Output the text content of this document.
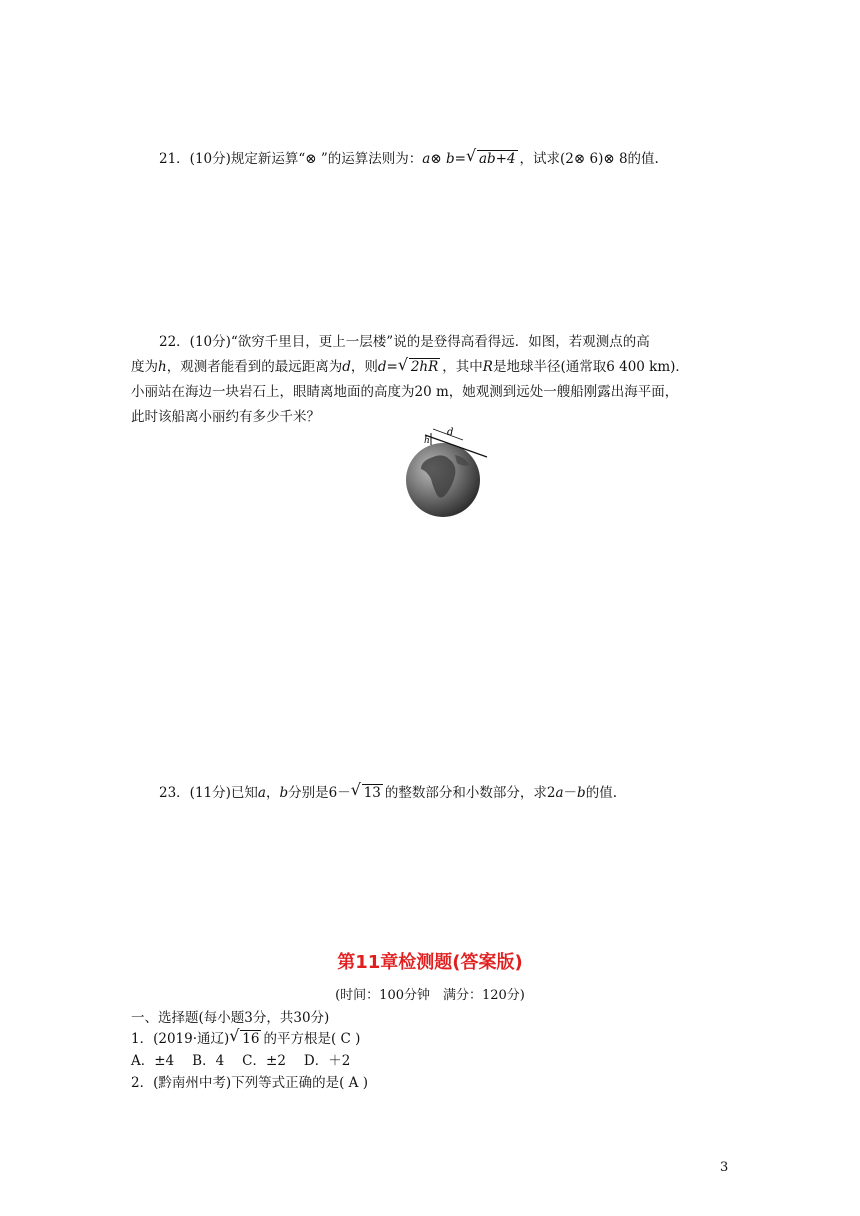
21．(10分)规定新运算“⊗ ”的运算法则为：a⊗ b= √ ab+4 ，试求(2⊗ 6)⊗ 8的值.
22．(10分)“欲穷千里目，更上一层楼”说的是登得高看得远．如图，若观测点的高
度为h，观测者能看到的最远距离为d，则d= √ 2hR ，其中R是地球半径(通常取6 400 km)．
小丽站在海边一块岩石上，眼睛离地面的高度为20 m，她观测到远处一艘船刚露出海平面，
此时该船离小丽约有多少千米？
h
d
23．(11分)已知a，b分别是6－ √ 13 的整数部分和小数部分，求2a－b的值.
第11章检测题(答案版)
(时间：100分钟　满分：120分)
一、选择题(每小题3分，共30分)
1．(2019·通辽) √ 16 的平方根是( C )
A．±4 B．4 C．±2 D．＋2
2．(黔南州中考)下列等式正确的是( A )
3
